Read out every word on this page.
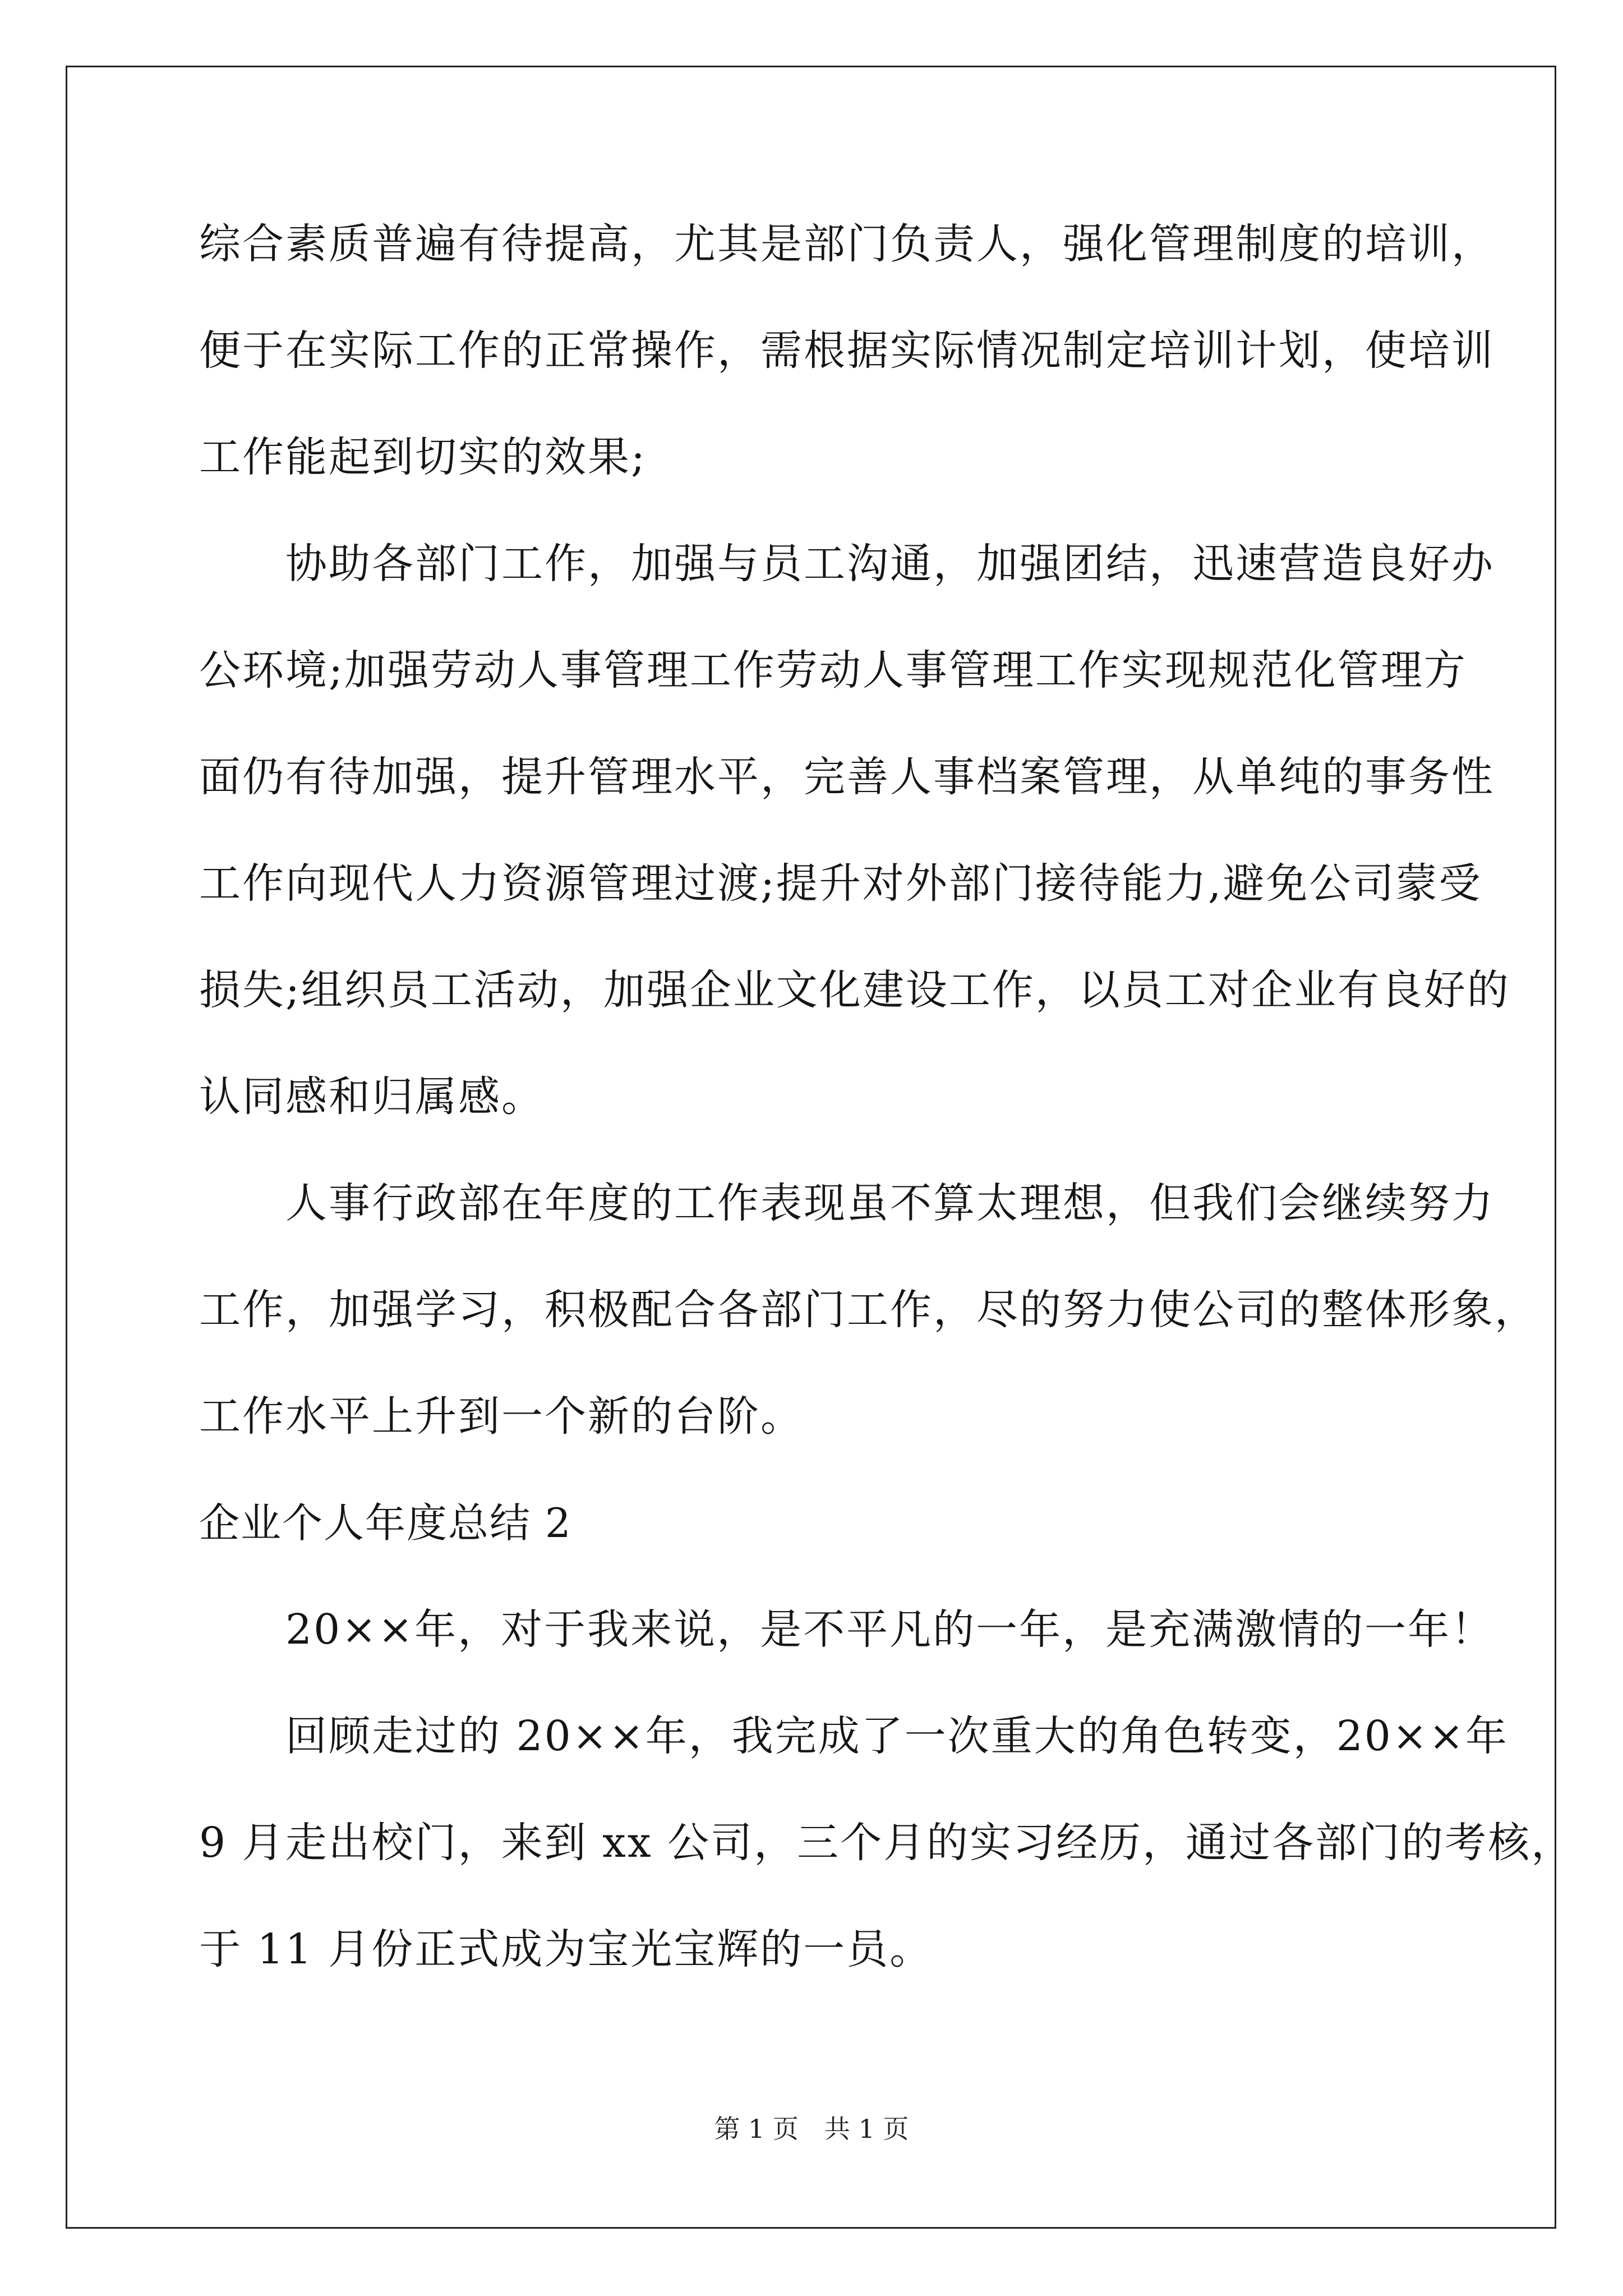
综合素质普遍有待提高，尤其是部门负责人，强化管理制度的培训，
便于在实际工作的正常操作，需根据实际情况制定培训计划，使培训
工作能起到切实的效果;
　　协助各部门工作，加强与员工沟通，加强团结，迅速营造良好办
公环境;加强劳动人事管理工作劳动人事管理工作实现规范化管理方
面仍有待加强，提升管理水平，完善人事档案管理，从单纯的事务性
工作向现代人力资源管理过渡;提升对外部门接待能力,避免公司蒙受
损失;组织员工活动，加强企业文化建设工作，以员工对企业有良好的
认同感和归属感。
　　人事行政部在年度的工作表现虽不算太理想，但我们会继续努力
工作，加强学习，积极配合各部门工作，尽的努力使公司的整体形象，
工作水平上升到一个新的台阶。
企业个人年度总结 2
　　20××年，对于我来说，是不平凡的一年，是充满激情的一年！
　　回顾走过的 20××年，我完成了一次重大的角色转变，20××年
9 月走出校门，来到 xx 公司，三个月的实习经历，通过各部门的考核，
于 11 月份正式成为宝光宝辉的一员。
第 1 页　共 1 页
